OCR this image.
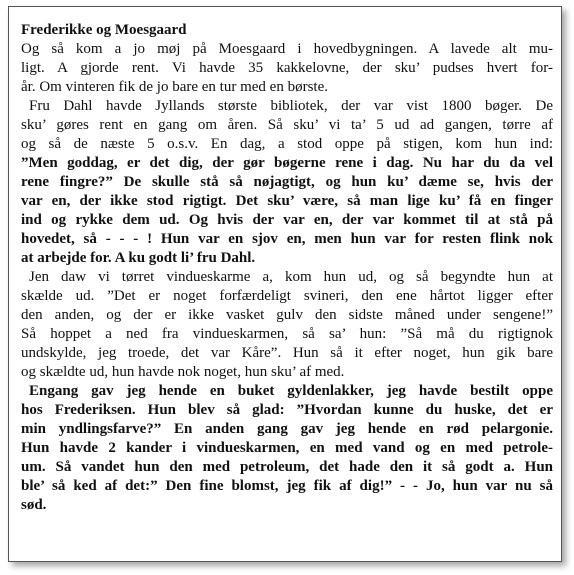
Frederikke og Moesgaard
Og så kom a jo møj på Moesgaard i hovedbygningen. A lavede alt mu-
ligt. A gjorde rent. Vi havde 35 kakkelovne, der sku’ pudses hvert for-
år. Om vinteren fik de jo bare en tur med en børste.
Fru Dahl havde Jyllands største bibliotek, der var vist 1800 bøger. De
sku’ gøres rent en gang om åren. Så sku’ vi ta’ 5 ud ad gangen, tørre af
og så de næste 5 o.s.v. En dag, a stod oppe på stigen, kom hun ind:
”Men goddag, er det dig, der gør bøgerne rene i dag. Nu har du da vel
rene fingre?” De skulle stå så nøjagtigt, og hun ku’ dæme se, hvis der
var en, der ikke stod rigtigt. Det sku’ være, så man lige ku’ få en finger
ind og rykke dem ud. Og hvis der var en, der var kommet til at stå på
hovedet, så - - - ! Hun var en sjov en, men hun var for resten flink nok
at arbejde for. A ku godt li’ fru Dahl.
Jen daw vi tørret vindueskarme a, kom hun ud, og så begyndte hun at
skælde ud. ”Det er noget forfærdeligt svineri, den ene hårtot ligger efter
den anden, og der er ikke vasket gulv den sidste måned under sengene!”
Så hoppet a ned fra vindueskarmen, så sa’ hun: ”Så må du rigtignok
undskylde, jeg troede, det var Kåre”. Hun så it efter noget, hun gik bare
og skældte ud, hun havde nok noget, hun sku’ af med.
Engang gav jeg hende en buket gyldenlakker, jeg havde bestilt oppe
hos Frederiksen. Hun blev så glad: ”Hvordan kunne du huske, det er
min yndlingsfarve?” En anden gang gav jeg hende en rød pelargonie.
Hun havde 2 kander i vindueskarmen, en med vand og en med petrole-
um. Så vandet hun den med petroleum, det hade den it så godt a. Hun
ble’ så ked af det:” Den fine blomst, jeg fik af dig!” - - Jo, hun var nu så
sød.
